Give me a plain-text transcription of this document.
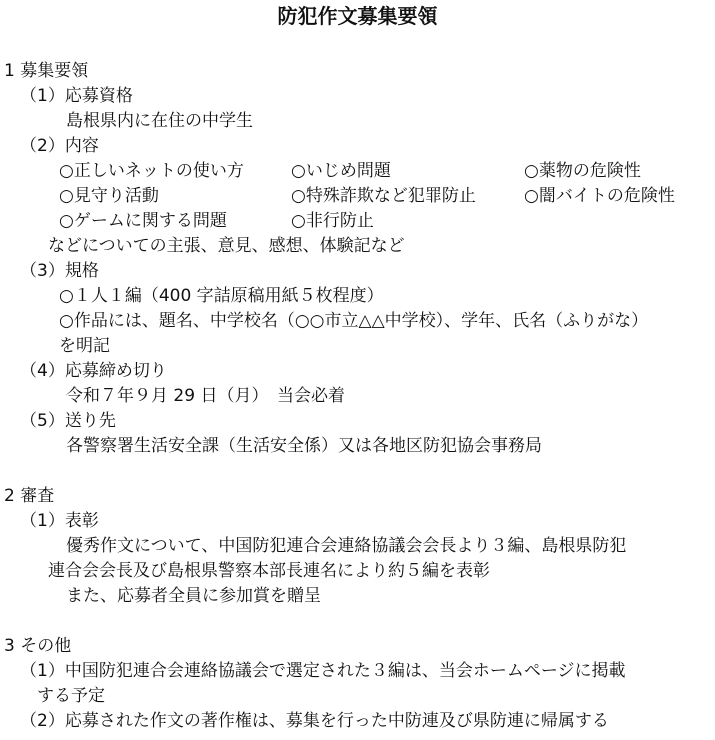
防犯作文募集要領
1 募集要領
（1）応募資格
島根県内に在住の中学生
（2）内容
○正しいネットの使い方	○いじめ問題	○薬物の危険性
○見守り活動	○特殊詐欺など犯罪防止	○闇バイトの危険性
○ゲームに関する問題	○非行防止
などについての主張、意見、感想、体験記など
（3）規格
○１人１編（400 字詰原稿用紙５枚程度）
○作品には、題名、中学校名（○○市立△△中学校）、学年、氏名（ふりがな）
を明記
（4）応募締め切り
令和７年９月 29 日（月）　当会必着
（5）送り先
各警察署生活安全課（生活安全係）又は各地区防犯協会事務局
2 審査
（1）表彰
優秀作文について、中国防犯連合会連絡協議会会長より３編、島根県防犯
連合会会長及び島根県警察本部長連名により約５編を表彰
また、応募者全員に参加賞を贈呈
3 その他
（1）中国防犯連合会連絡協議会で選定された３編は、当会ホームページに掲載
する予定
（2）応募された作文の著作権は、募集を行った中防連及び県防連に帰属する
